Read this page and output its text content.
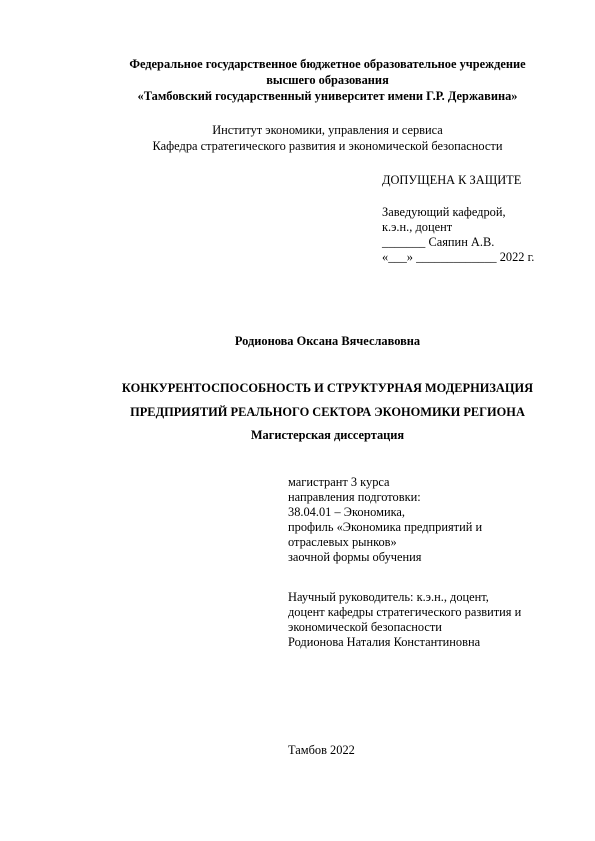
Федеральное государственное бюджетное образовательное учреждение
высшего образования
«Тамбовский государственный университет имени Г.Р. Державина»
Институт экономики, управления и сервиса
Кафедра стратегического развития и экономической безопасности
ДОПУЩЕНА К ЗАЩИТЕ
Заведующий кафедрой,
к.э.н., доцент
_______ Саяпин А.В.
«___» _____________ 2022 г.
Родионова Оксана Вячеславовна
КОНКУРЕНТОСПОСОБНОСТЬ И СТРУКТУРНАЯ МОДЕРНИЗАЦИЯ
ПРЕДПРИЯТИЙ РЕАЛЬНОГО СЕКТОРА ЭКОНОМИКИ РЕГИОНА
Магистерская диссертация
магистрант 3 курса
направления подготовки:
38.04.01 – Экономика,
профиль «Экономика предприятий и
отраслевых рынков»
заочной формы обучения
Научный руководитель: к.э.н., доцент,
доцент кафедры стратегического развития и
экономической безопасности
Родионова Наталия Константиновна
Тамбов 2022
